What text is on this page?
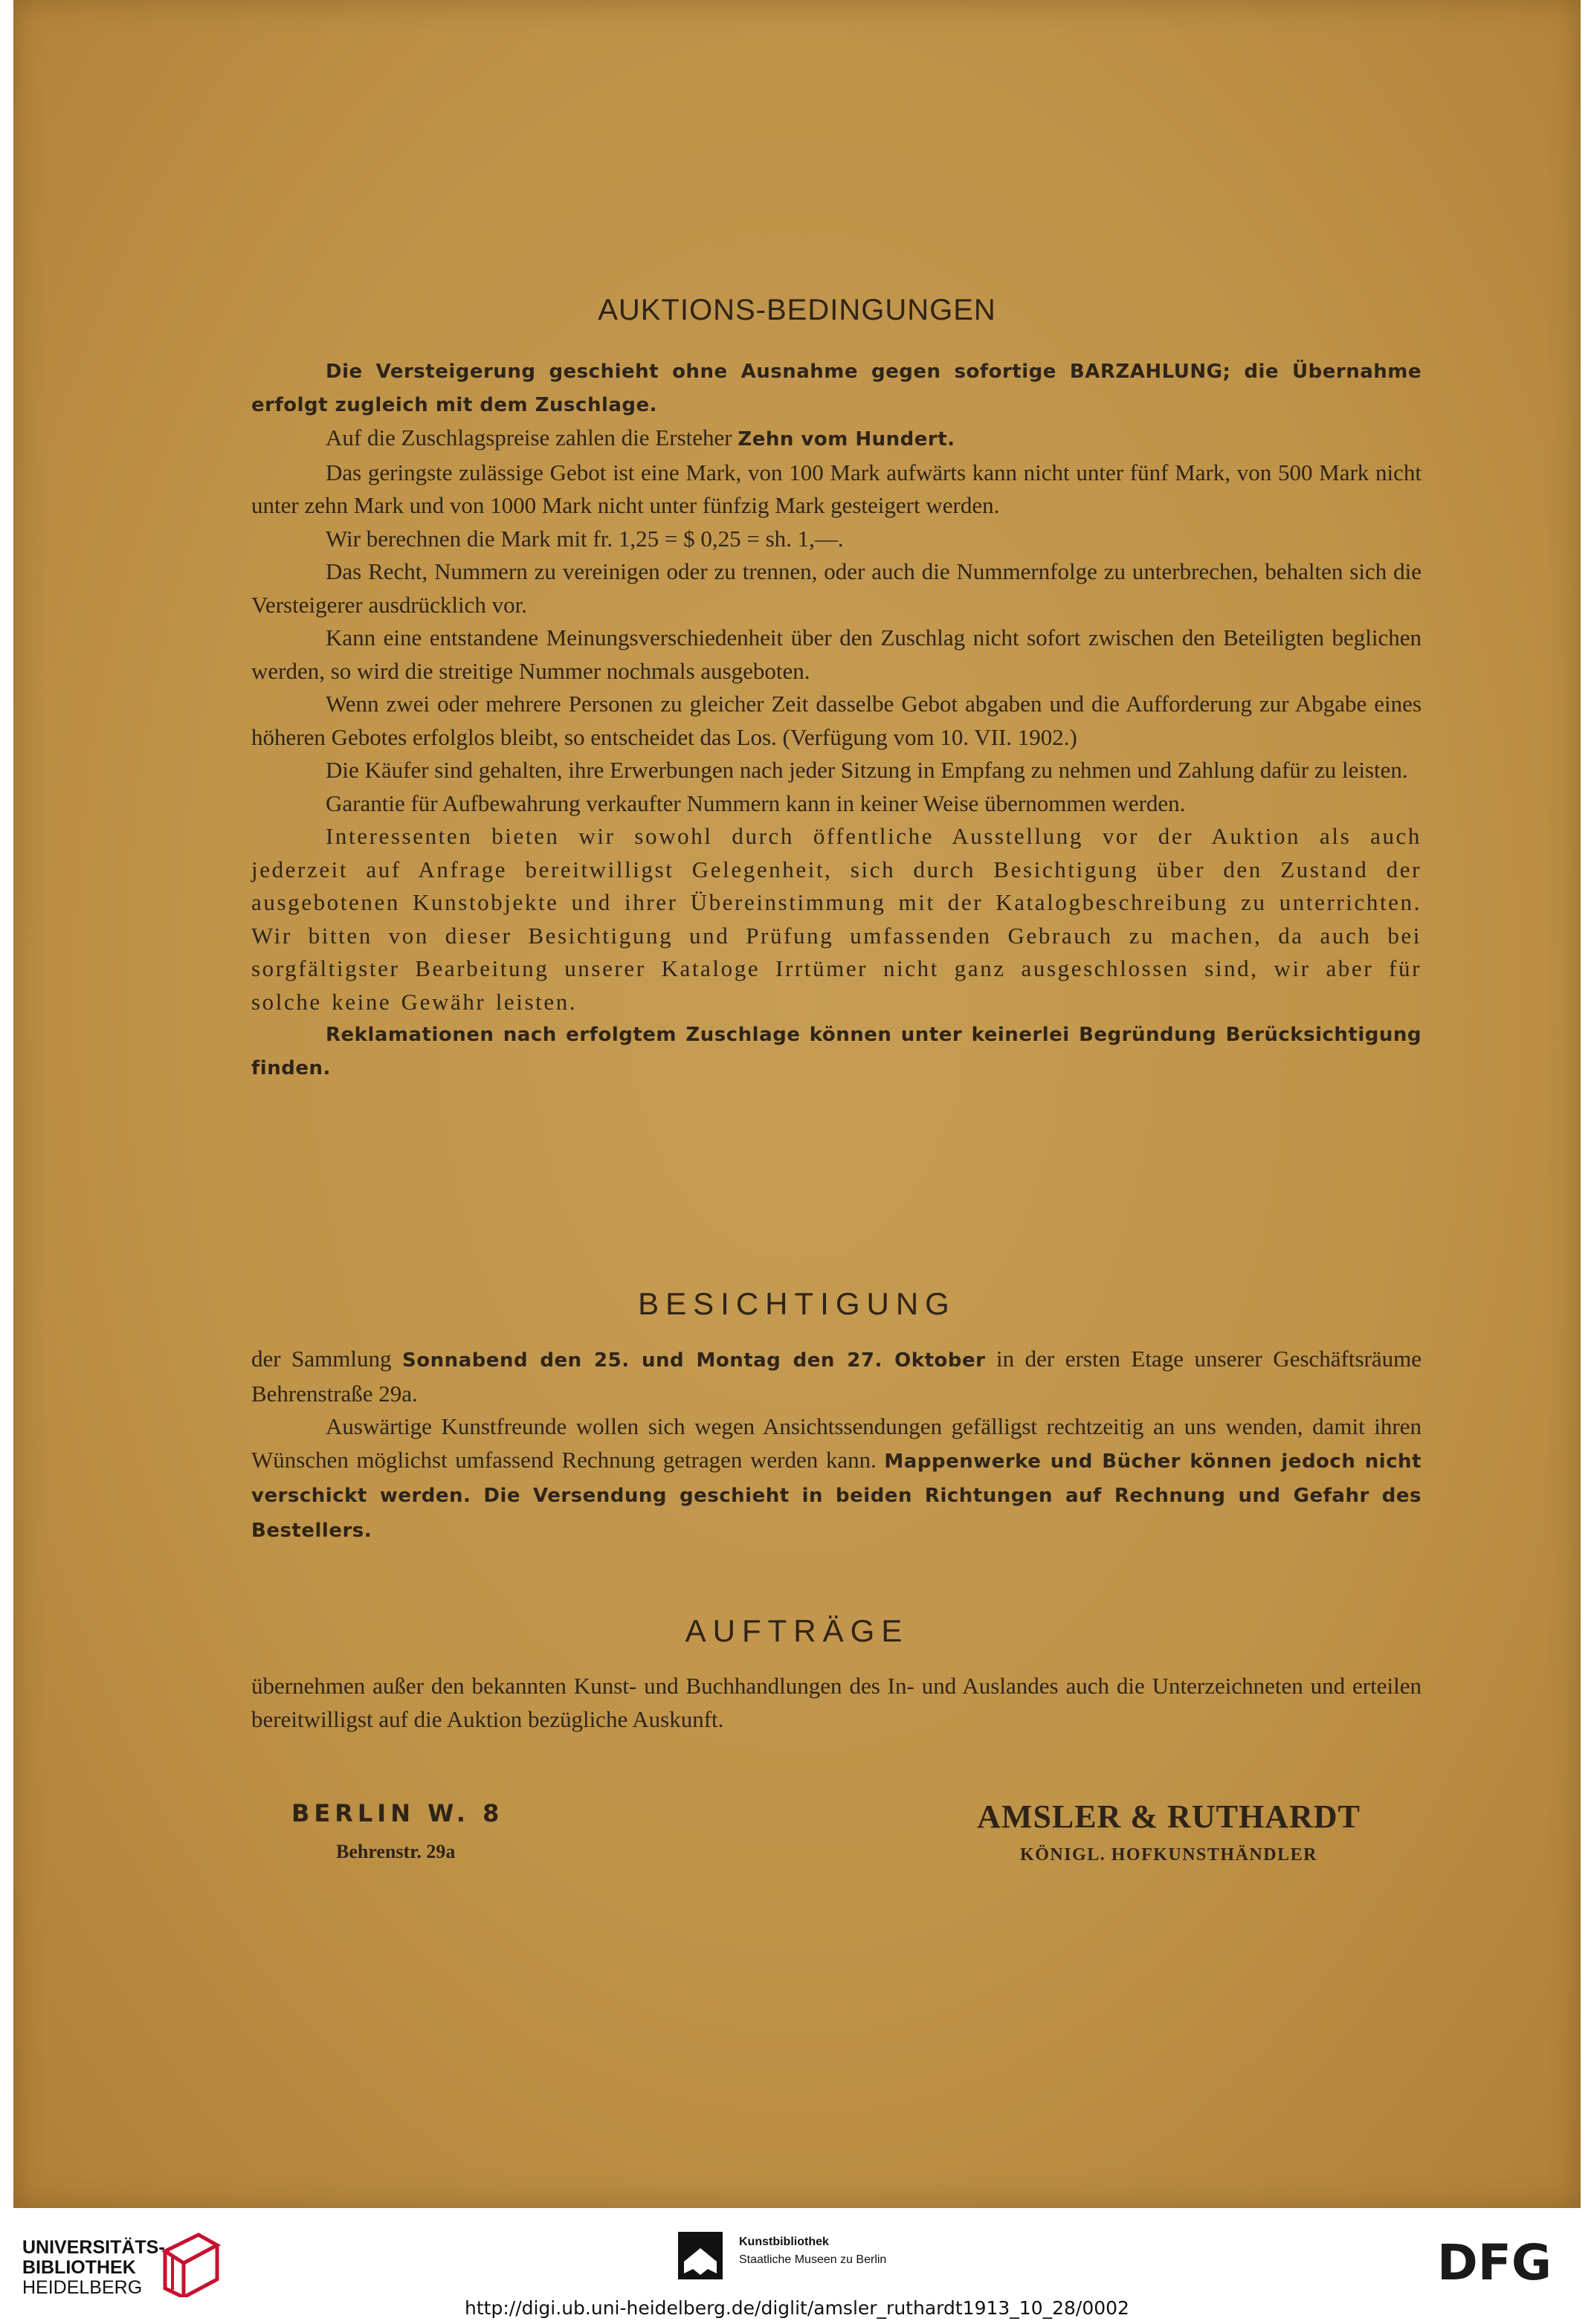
AUKTIONS-BEDINGUNGEN

Die Versteigerung geschieht ohne Ausnahme gegen sofortige BARZAHLUNG; die Übernahme erfolgt zugleich mit dem Zuschlage.

Auf die Zuschlagspreise zahlen die Ersteher Zehn vom Hundert.

Das geringste zulässige Gebot ist eine Mark, von 100 Mark aufwärts kann nicht unter fünf Mark, von 500 Mark nicht unter zehn Mark und von 1000 Mark nicht unter fünfzig Mark gesteigert werden.

Wir berechnen die Mark mit fr. 1,25 = $ 0,25 = sh. 1,—.

Das Recht, Nummern zu vereinigen oder zu trennen, oder auch die Nummernfolge zu unterbrechen, behalten sich die Versteigerer ausdrücklich vor.

Kann eine entstandene Meinungsverschiedenheit über den Zuschlag nicht sofort zwischen den Beteiligten beglichen werden, so wird die streitige Nummer nochmals ausgeboten.

Wenn zwei oder mehrere Personen zu gleicher Zeit dasselbe Gebot abgaben und die Aufforderung zur Abgabe eines höheren Gebotes erfolglos bleibt, so entscheidet das Los. (Verfügung vom 10. VII. 1902.)

Die Käufer sind gehalten, ihre Erwerbungen nach jeder Sitzung in Empfang zu nehmen und Zahlung dafür zu leisten.

Garantie für Aufbewahrung verkaufter Nummern kann in keiner Weise übernommen werden.

Interessenten bieten wir sowohl durch öffentliche Ausstellung vor der Auktion als auch jederzeit auf Anfrage bereitwilligst Gelegenheit, sich durch Besichtigung über den Zustand der ausgebotenen Kunstobjekte und ihrer Übereinstimmung mit der Katalogbeschreibung zu unterrichten. Wir bitten von dieser Besichtigung und Prüfung umfassenden Gebrauch zu machen, da auch bei sorgfältigster Bearbeitung unserer Kataloge Irrtümer nicht ganz ausgeschlossen sind, wir aber für solche keine Gewähr leisten.

Reklamationen nach erfolgtem Zuschlage können unter keinerlei Begründung Berücksichtigung finden.

BESICHTIGUNG

der Sammlung Sonnabend den 25. und Montag den 27. Oktober in der ersten Etage unserer Geschäftsräume Behrenstraße 29a.

Auswärtige Kunstfreunde wollen sich wegen Ansichtssendungen gefälligst rechtzeitig an uns wenden, damit ihren Wünschen möglichst umfassend Rechnung getragen werden kann. Mappenwerke und Bücher können jedoch nicht verschickt werden. Die Versendung geschieht in beiden Richtungen auf Rechnung und Gefahr des Bestellers.

AUFTRÄGE

übernehmen außer den bekannten Kunst- und Buchhandlungen des In- und Auslandes auch die Unterzeichneten und erteilen bereitwilligst auf die Auktion bezügliche Auskunft.

BERLIN W. 8
Behrenstr. 29a
AMSLER & RUTHARDT
KÖNIGL. HOFKUNSTHÄNDLER
UNIVERSITÄTS-
BIBLIOTHEK
HEIDELBERG
Kunstbibliothek
Staatliche Museen zu Berlin	DFG
http://digi.ub.uni-heidelberg.de/diglit/amsler_ruthardt1913_10_28/0002
